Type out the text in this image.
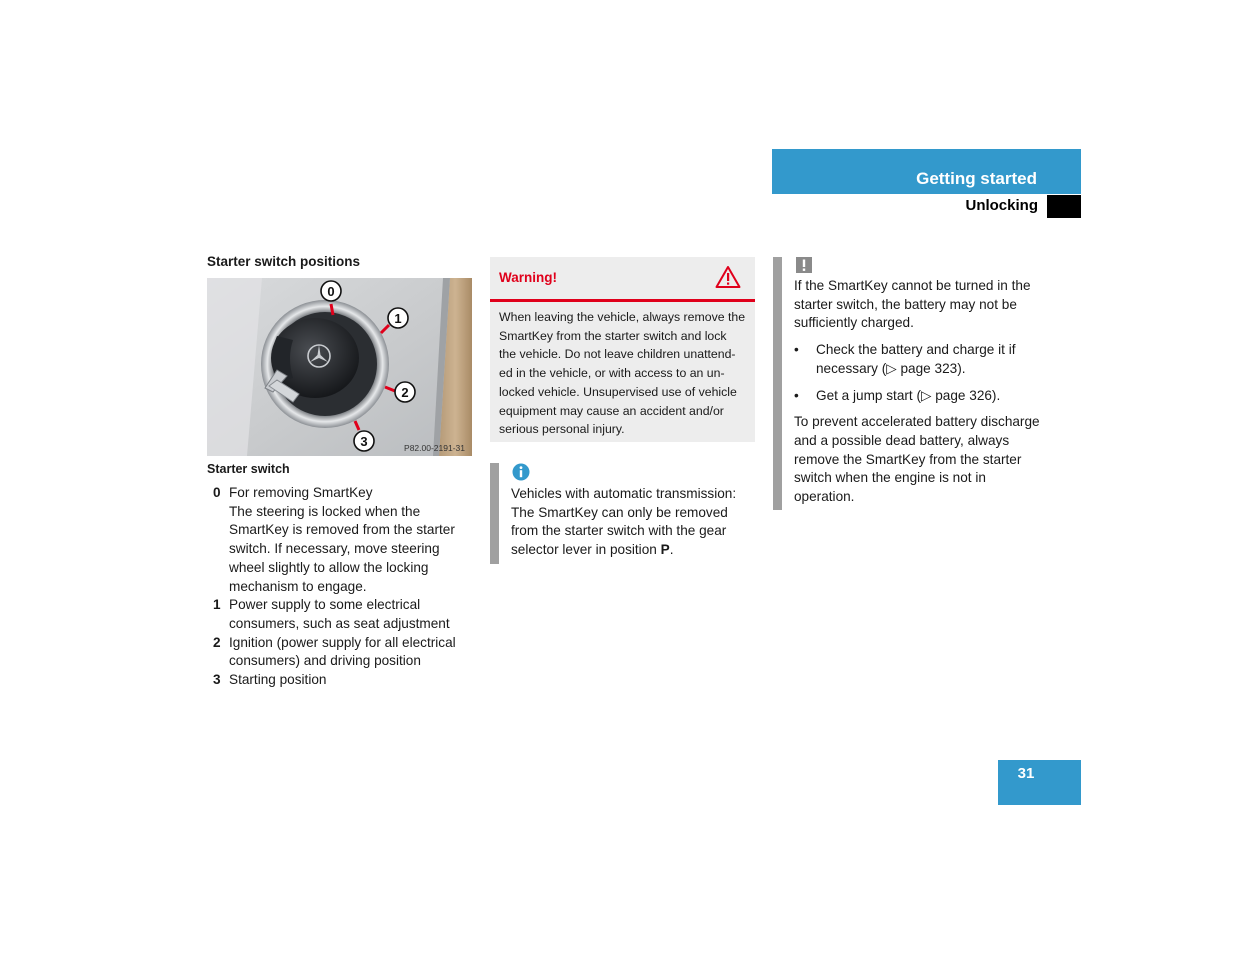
Getting started
Unlocking
Starter switch positions
0
1
2
3	P82.00-2191-31
Starter switch
0 For removing SmartKey
The steering is locked when the SmartKey is removed from the starter switch. If necessary, move steering wheel slightly to allow the locking mechanism to engage.
1 Power supply to some electrical consumers, such as seat adjustment
2 Ignition (power supply for all electrical consumers) and driving position
3 Starting position
Warning!
When leaving the vehicle, always remove the SmartKey from the starter switch and lock the vehicle. Do not leave children unattend- ed in the vehicle, or with access to an un- locked vehicle. Unsupervised use of vehicle equipment may cause an accident and/or serious personal injury.
Vehicles with automatic transmission: The SmartKey can only be removed from the starter switch with the gear selector lever in position P.

If the SmartKey cannot be turned in the starter switch, the battery may not be sufficiently charged.

•	Check the battery and charge it if necessary (▷ page 323).
•	Get a jump start (▷ page 326).

To prevent accelerated battery discharge and a possible dead battery, always remove the SmartKey from the starter switch when the engine is not in operation.

31
